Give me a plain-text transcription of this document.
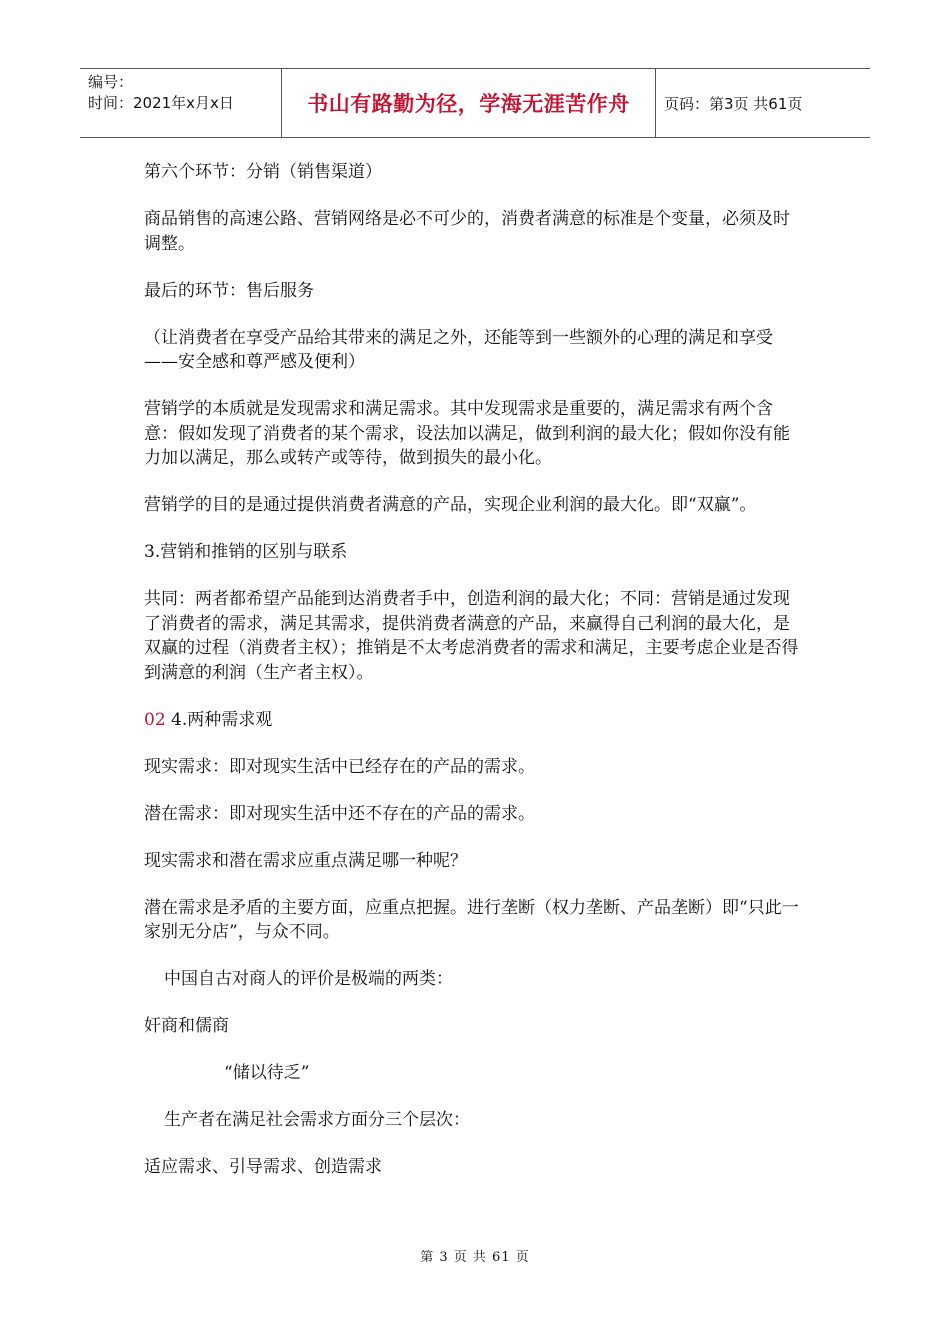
编号：
时间：2021年x月x日	书山有路勤为径，学海无涯苦作舟	页码：第3页 共61页

第六个环节：分销（销售渠道）

商品销售的高速公路、营销网络是必不可少的，消费者满意的标准是个变量，必须及时调整。

最后的环节：售后服务

（让消费者在享受产品给其带来的满足之外，还能等到一些额外的心理的满足和享受——安全感和尊严感及便利）

营销学的本质就是发现需求和满足需求。其中发现需求是重要的，满足需求有两个含意：假如发现了消费者的某个需求，设法加以满足，做到利润的最大化；假如你没有能力加以满足，那么或转产或等待，做到损失的最小化。

营销学的目的是通过提供消费者满意的产品，实现企业利润的最大化。即“双赢”。

3.营销和推销的区别与联系

共同：两者都希望产品能到达消费者手中，创造利润的最大化；不同：营销是通过发现了消费者的需求，满足其需求，提供消费者满意的产品，来赢得自己利润的最大化，是双赢的过程（消费者主权）；推销是不太考虑消费者的需求和满足，主要考虑企业是否得到满意的利润（生产者主权）。

02 4.两种需求观

现实需求：即对现实生活中已经存在的产品的需求。

潜在需求：即对现实生活中还不存在的产品的需求。

现实需求和潜在需求应重点满足哪一种呢？

潜在需求是矛盾的主要方面，应重点把握。进行垄断（权力垄断、产品垄断）即“只此一家别无分店”，与众不同。

中国自古对商人的评价是极端的两类：

奸商和儒商

“储以待乏”

生产者在满足社会需求方面分三个层次：

适应需求、引导需求、创造需求

第 3 页 共 61 页
